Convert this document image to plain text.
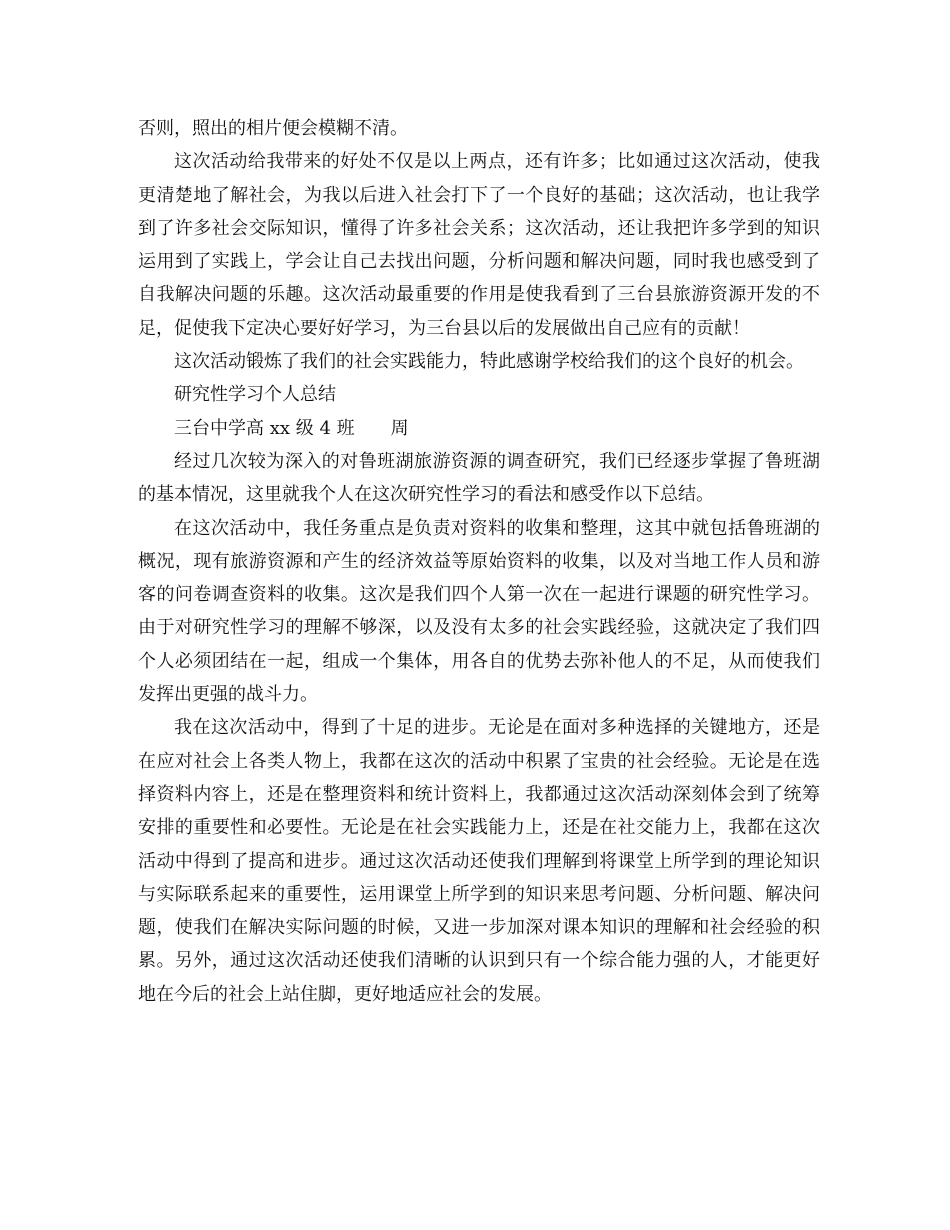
否则，照出的相片便会模糊不清。

这次活动给我带来的好处不仅是以上两点，还有许多；比如通过这次活动，使我更清楚地了解社会，为我以后进入社会打下了一个良好的基础；这次活动，也让我学到了许多社会交际知识，懂得了许多社会关系；这次活动，还让我把许多学到的知识运用到了实践上，学会让自己去找出问题，分析问题和解决问题，同时我也感受到了自我解决问题的乐趣。这次活动最重要的作用是使我看到了三台县旅游资源开发的不足，促使我下定决心要好好学习，为三台县以后的发展做出自己应有的贡献！

这次活动锻炼了我们的社会实践能力，特此感谢学校给我们的这个良好的机会。

研究性学习个人总结

三台中学高 xx 级 4 班　　周

经过几次较为深入的对鲁班湖旅游资源的调查研究，我们已经逐步掌握了鲁班湖的基本情况，这里就我个人在这次研究性学习的看法和感受作以下总结。

在这次活动中，我任务重点是负责对资料的收集和整理，这其中就包括鲁班湖的概况，现有旅游资源和产生的经济效益等原始资料的收集，以及对当地工作人员和游客的问卷调查资料的收集。这次是我们四个人第一次在一起进行课题的研究性学习。由于对研究性学习的理解不够深，以及没有太多的社会实践经验，这就决定了我们四个人必须团结在一起，组成一个集体，用各自的优势去弥补他人的不足，从而使我们发挥出更强的战斗力。

我在这次活动中，得到了十足的进步。无论是在面对多种选择的关键地方，还是在应对社会上各类人物上，我都在这次的活动中积累了宝贵的社会经验。无论是在选择资料内容上，还是在整理资料和统计资料上，我都通过这次活动深刻体会到了统筹安排的重要性和必要性。无论是在社会实践能力上，还是在社交能力上，我都在这次活动中得到了提高和进步。通过这次活动还使我们理解到将课堂上所学到的理论知识与实际联系起来的重要性，运用课堂上所学到的知识来思考问题、分析问题、解决问题，使我们在解决实际问题的时候，又进一步加深对课本知识的理解和社会经验的积累。另外，通过这次活动还使我们清晰的认识到只有一个综合能力强的人，才能更好地在今后的社会上站住脚，更好地适应社会的发展。
